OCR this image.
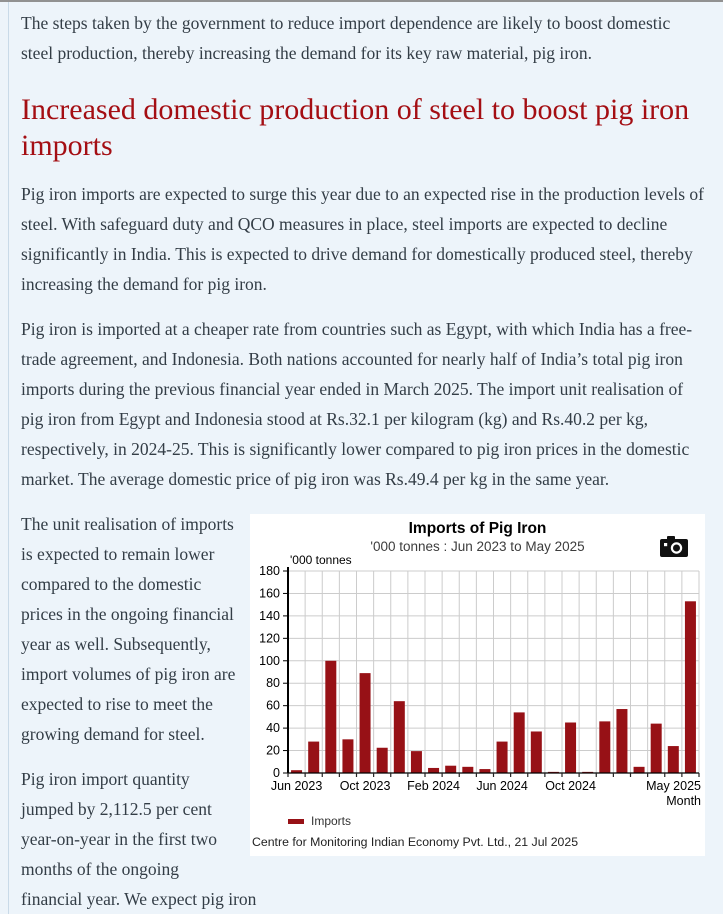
The steps taken by the government to reduce import dependence are likely to boost domestic steel production, thereby increasing the demand for its key raw material, pig iron.

Increased domestic production of steel to boost pig iron imports

Pig iron imports are expected to surge this year due to an expected rise in the production levels of steel. With safeguard duty and QCO measures in place, steel imports are expected to decline significantly in India. This is expected to drive demand for domestically produced steel, thereby increasing the demand for pig iron.

Pig iron is imported at a cheaper rate from countries such as Egypt, with which India has a free-trade agreement, and Indonesia. Both nations accounted for nearly half of India’s total pig iron imports during the previous financial year ended in March 2025. The import unit realisation of pig iron from Egypt and Indonesia stood at Rs.32.1 per kilogram (kg) and Rs.40.2 per kg, respectively, in 2024-25. This is significantly lower compared to pig iron prices in the domestic market. The average domestic price of pig iron was Rs.49.4 per kg in the same year.

Imports of Pig Iron
'000 tonnes : Jun 2023 to May 2025
0
20
40
60
80
100
120
140
160
180
Jun 2023 Oct 2023 Feb 2024 Jun 2024 Oct 2024	May 2025
'000 tonnes
Month
Imports
Centre for Monitoring Indian Economy Pvt. Ltd., 21 Jul 2025

The unit realisation of imports is expected to remain lower compared to the domestic prices in the ongoing financial year as well. Subsequently, import volumes of pig iron are expected to rise to meet the growing demand for steel.

Pig iron import quantity jumped by 2,112.5 per cent year-on-year in the first two months of the ongoing financial year. We expect pig iron
